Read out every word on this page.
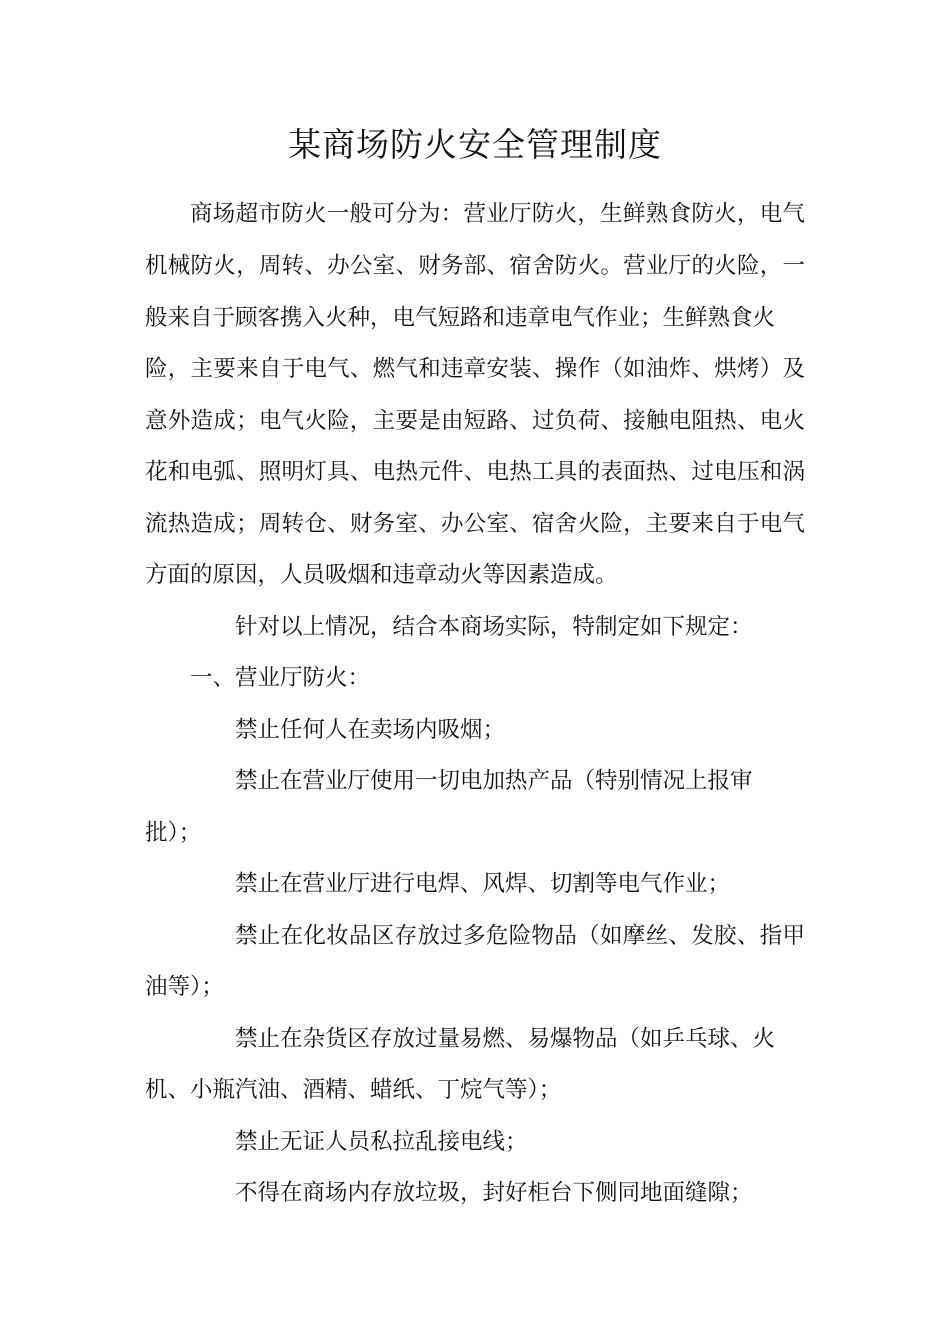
某商场防火安全管理制度

商场超市防火一般可分为：营业厅防火，生鲜熟食防火，电气

机械防火，周转、办公室、财务部、宿舍防火。营业厅的火险，一

般来自于顾客携入火种，电气短路和违章电气作业；生鲜熟食火

险，主要来自于电气、燃气和违章安装、操作（如油炸、烘烤）及

意外造成；电气火险，主要是由短路、过负荷、接触电阻热、电火

花和电弧、照明灯具、电热元件、电热工具的表面热、过电压和涡

流热造成；周转仓、财务室、办公室、宿舍火险，主要来自于电气

方面的原因，人员吸烟和违章动火等因素造成。

针对以上情况，结合本商场实际，特制定如下规定：

一、营业厅防火：

禁止任何人在卖场内吸烟；

禁止在营业厅使用一切电加热产品（特别情况上报审

批）；

禁止在营业厅进行电焊、风焊、切割等电气作业；

禁止在化妆品区存放过多危险物品（如摩丝、发胶、指甲

油等）；

禁止在杂货区存放过量易燃、易爆物品（如乒乓球、火

机、小瓶汽油、酒精、蜡纸、丁烷气等）；

禁止无证人员私拉乱接电线；

不得在商场内存放垃圾，封好柜台下侧同地面缝隙；
